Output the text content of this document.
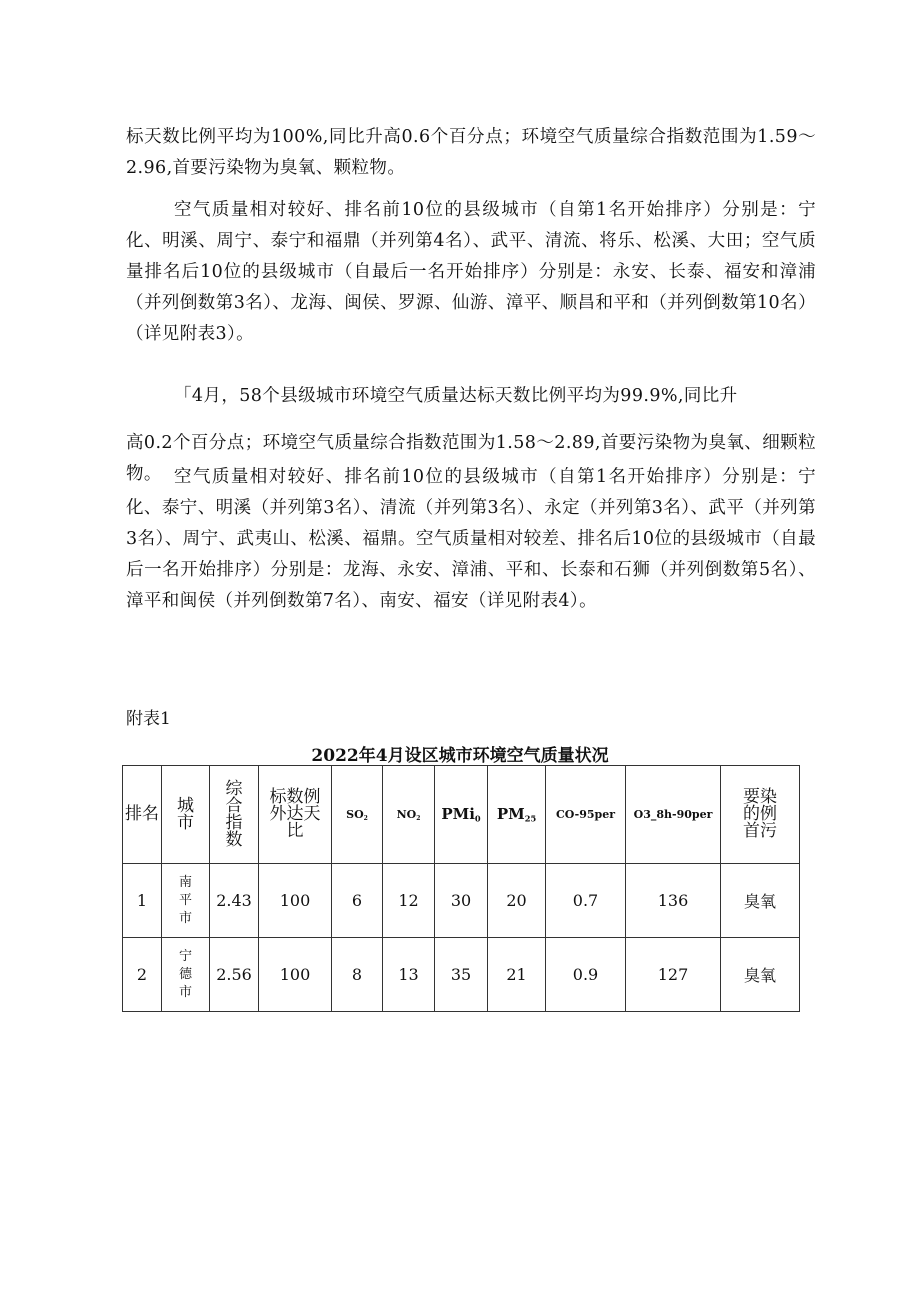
标天数比例平均为100%,同比升高0.6个百分点；环境空气质量综合指数范围为1.59～2.96,首要污染物为臭氧、颗粒物。

空气质量相对较好、排名前10位的县级城市（自第1名开始排序）分别是：宁化、明溪、周宁、泰宁和福鼎（并列第4名）、武平、清流、将乐、松溪、大田；空气质量排名后10位的县级城市（自最后一名开始排序）分别是：永安、长泰、福安和漳浦（并列倒数第3名）、龙海、闽侯、罗源、仙游、漳平、顺昌和平和（并列倒数第10名）（详见附表3）。

「4月，58个县级城市环境空气质量达标天数比例平均为99.9%,同比升

高0.2个百分点；环境空气质量综合指数范围为1.58～2.89,首要污染物为臭氧、细颗粒物。 空气质量相对较好、排名前10位的县级城市（自第1名开始排序）分别是：宁化、泰宁、明溪（并列第3名）、清流（并列第3名）、永定（并列第3名）、武平（并列第3名）、周宁、武夷山、松溪、福鼎。空气质量相对较差、排名后10位的县级城市（自最后一名开始排序）分别是：龙海、永安、漳浦、平和、长泰和石狮（并列倒数第5名）、漳平和闽侯（并列倒数第7名）、南安、福安（详见附表4）。

附表1
2022年4月设区城市环境空气质量状况
排名	城市	综合指数	标数例外达天比	$SO_2$	$NO_2$	PMi$_0$	$PM_{25}$	CO-95per	O3_8h-90per	要染的例首污
1	南平市	2.43	100	6	12	30	20	0.7	136	臭氧
2	宁德市	2.56	100	8	13	35	21	0.9	127	臭氧
